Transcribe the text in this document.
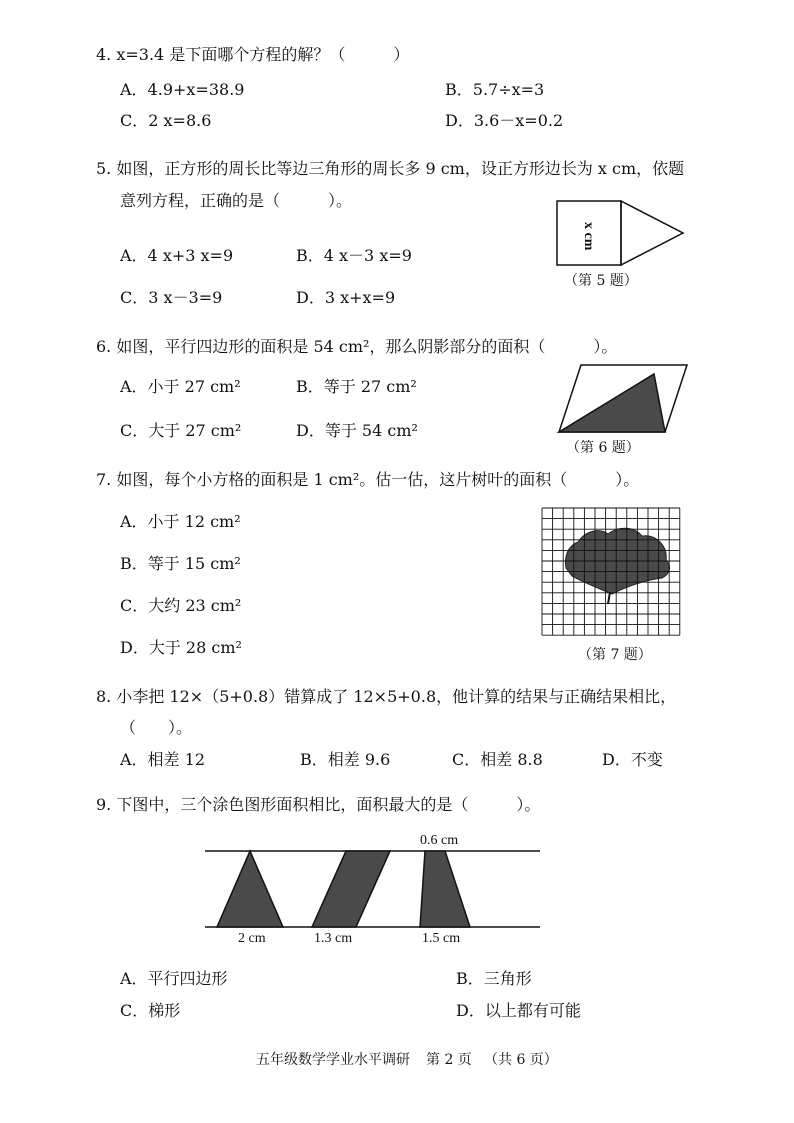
4. x=3.4 是下面哪个方程的解？（　　　）
A．4.9+x=38.9	B．5.7÷x=3
C．2 x=8.6	D．3.6－x=0.2
5. 如图，正方形的周长比等边三角形的周长多 9 cm，设正方形边长为 x cm，依题
意列方程，正确的是（　　　）。
A．4 x+3 x=9	B．4 x－3 x=9
C．3 x－3=9	D．3 x+x=9
x cm
（第 5 题）
6. 如图，平行四边形的面积是 54 cm²，那么阴影部分的面积（　　　）。
A．小于 27 cm²	B．等于 27 cm²
C．大于 27 cm²	D．等于 54 cm²
（第 6 题）
7. 如图，每个小方格的面积是 1 cm²。估一估，这片树叶的面积（　　　）。
A．小于 12 cm²
B．等于 15 cm²
C．大约 23 cm²
D．大于 28 cm²	（第 7 题）
8. 小李把 12×（5+0.8）错算成了 12×5+0.8，他计算的结果与正确结果相比，
（　　）。
A．相差 12	B．相差 9.6	C．相差 8.8	D．不变
9. 下图中，三个涂色图形面积相比，面积最大的是（　　　）。
0.6 cm
2 cm	1.3 cm	1.5 cm
A．平行四边形	B．三角形
C．梯形	D．以上都有可能
五年级数学学业水平调研 第 2 页 （共 6 页）
